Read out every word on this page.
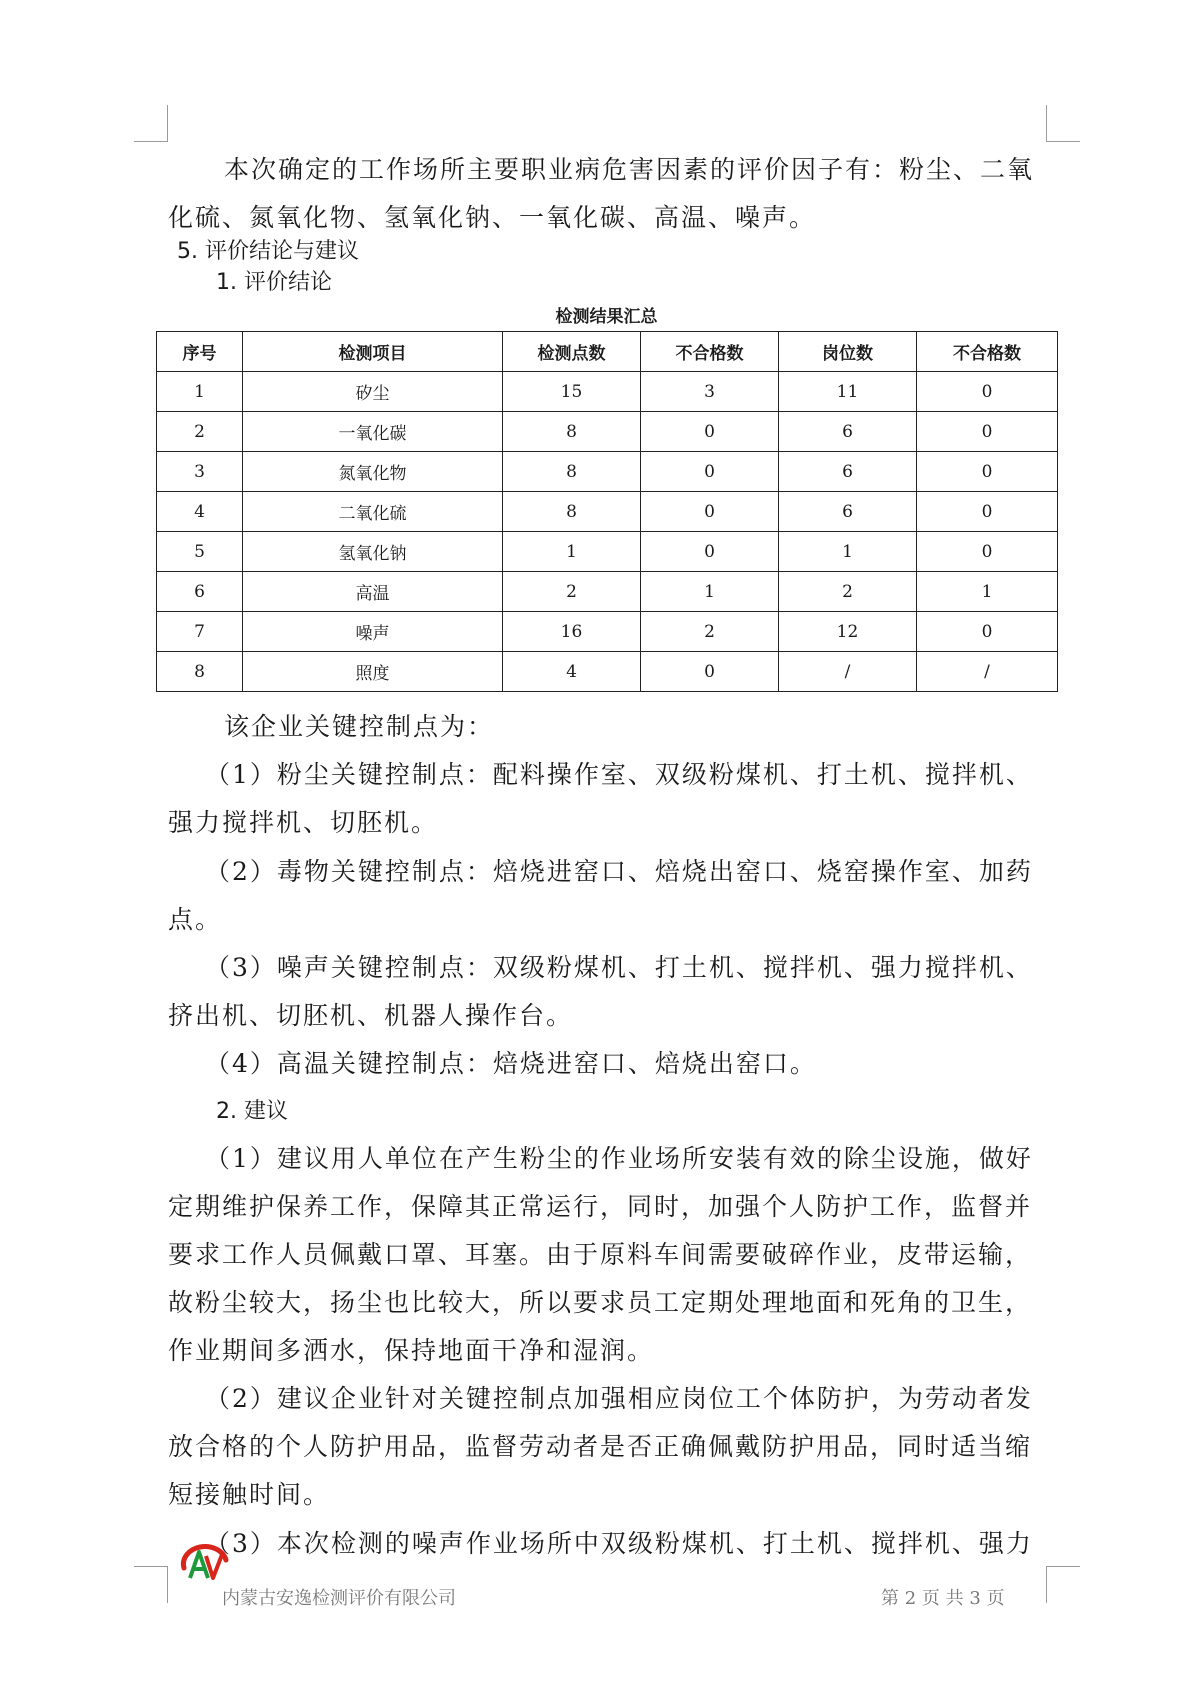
本次确定的工作场所主要职业病危害因素的评价因子有：粉尘、二氧化硫、氮氧化物、氢氧化钠、一氧化碳、高温、噪声。

5. 评价结论与建议

1. 评价结论

检测结果汇总

序号	检测项目	检测点数	不合格数	岗位数	不合格数
1	矽尘	15	3	11	0
2	一氧化碳	8	0	6	0
3	氮氧化物	8	0	6	0
4	二氧化硫	8	0	6	0
5	氢氧化钠	1	0	1	0
6	高温	2	1	2	1
7	噪声	16	2	12	0
8	照度	4	0	/	/

该企业关键控制点为：

（1）粉尘关键控制点：配料操作室、双级粉煤机、打土机、搅拌机、强力搅拌机、切胚机。

（2）毒物关键控制点：焙烧进窑口、焙烧出窑口、烧窑操作室、加药点。

（3）噪声关键控制点：双级粉煤机、打土机、搅拌机、强力搅拌机、挤出机、切胚机、机器人操作台。

（4）高温关键控制点：焙烧进窑口、焙烧出窑口。

2. 建议

（1）建议用人单位在产生粉尘的作业场所安装有效的除尘设施，做好定期维护保养工作，保障其正常运行，同时，加强个人防护工作，监督并要求工作人员佩戴口罩、耳塞。由于原料车间需要破碎作业，皮带运输，故粉尘较大，扬尘也比较大，所以要求员工定期处理地面和死角的卫生，作业期间多洒水，保持地面干净和湿润。

（2）建议企业针对关键控制点加强相应岗位工个体防护，为劳动者发放合格的个人防护用品，监督劳动者是否正确佩戴防护用品，同时适当缩短接触时间。

（3）本次检测的噪声作业场所中双级粉煤机、打土机、搅拌机、强力

内蒙古安逸检测评价有限公司	第 2 页 共 3 页
